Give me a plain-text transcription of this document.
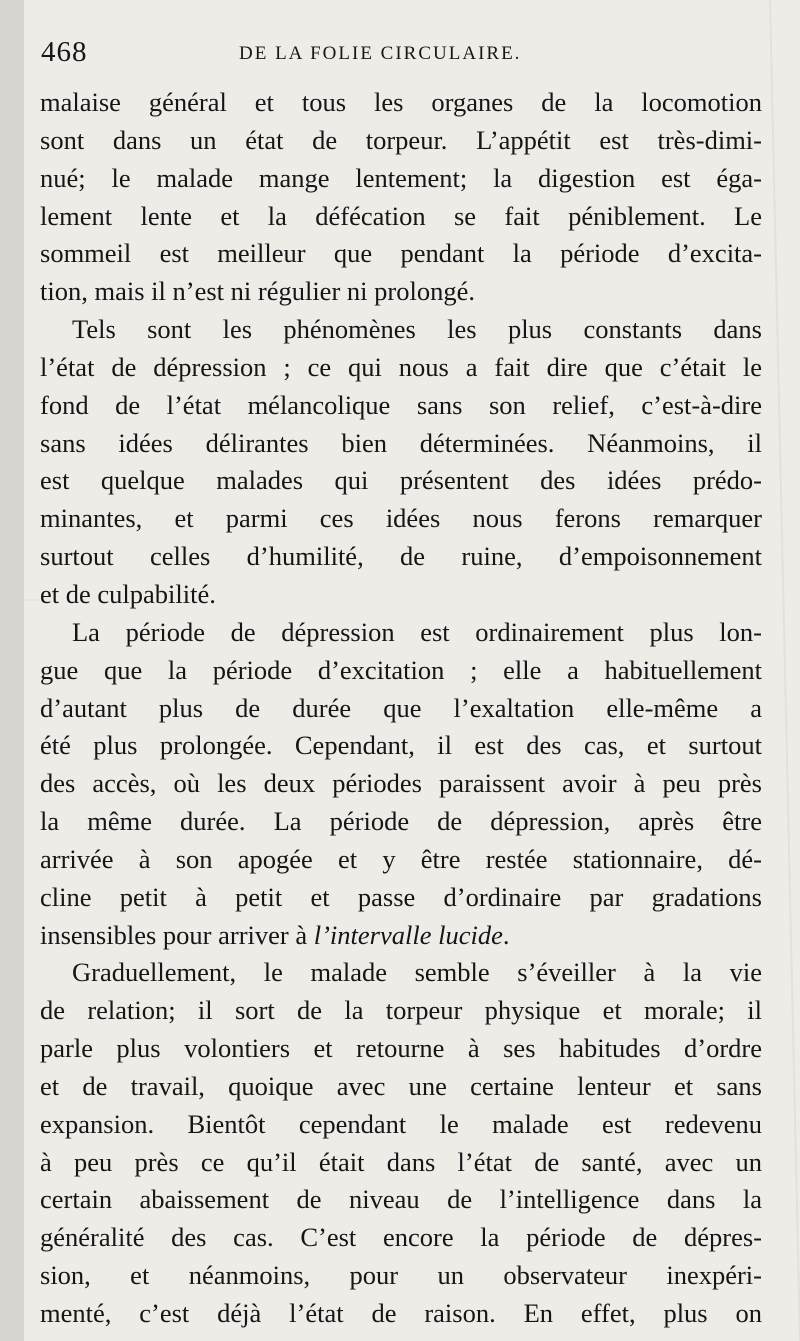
468	DE LA FOLIE CIRCULAIRE.
malaise général et tous les organes de la locomotion
sont dans un état de torpeur. L’appétit est très-dimi-
nué; le malade mange lentement; la digestion est éga-
lement lente et la défécation se fait péniblement. Le
sommeil est meilleur que pendant la période d’excita-
tion, mais il n’est ni régulier ni prolongé.
Tels sont les phénomènes les plus constants dans
l’état de dépression ; ce qui nous a fait dire que c’était le
fond de l’état mélancolique sans son relief, c’est-à-dire
sans idées délirantes bien déterminées. Néanmoins, il
est quelque malades qui présentent des idées prédo-
minantes, et parmi ces idées nous ferons remarquer
surtout celles d’humilité, de ruine, d’empoisonnement
et de culpabilité.
La période de dépression est ordinairement plus lon-
gue que la période d’excitation ; elle a habituellement
d’autant plus de durée que l’exaltation elle-même a
été plus prolongée. Cependant, il est des cas, et surtout
des accès, où les deux périodes paraissent avoir à peu près
la même durée. La période de dépression, après être
arrivée à son apogée et y être restée stationnaire, dé-
cline petit à petit et passe d’ordinaire par gradations
insensibles pour arriver à l’intervalle lucide.
Graduellement, le malade semble s’éveiller à la vie
de relation; il sort de la torpeur physique et morale; il
parle plus volontiers et retourne à ses habitudes d’ordre
et de travail, quoique avec une certaine lenteur et sans
expansion. Bientôt cependant le malade est redevenu
à peu près ce qu’il était dans l’état de santé, avec un
certain abaissement de niveau de l’intelligence dans la
généralité des cas. C’est encore la période de dépres-
sion, et néanmoins, pour un observateur inexpéri-
menté, c’est déjà l’état de raison. En effet, plus on
